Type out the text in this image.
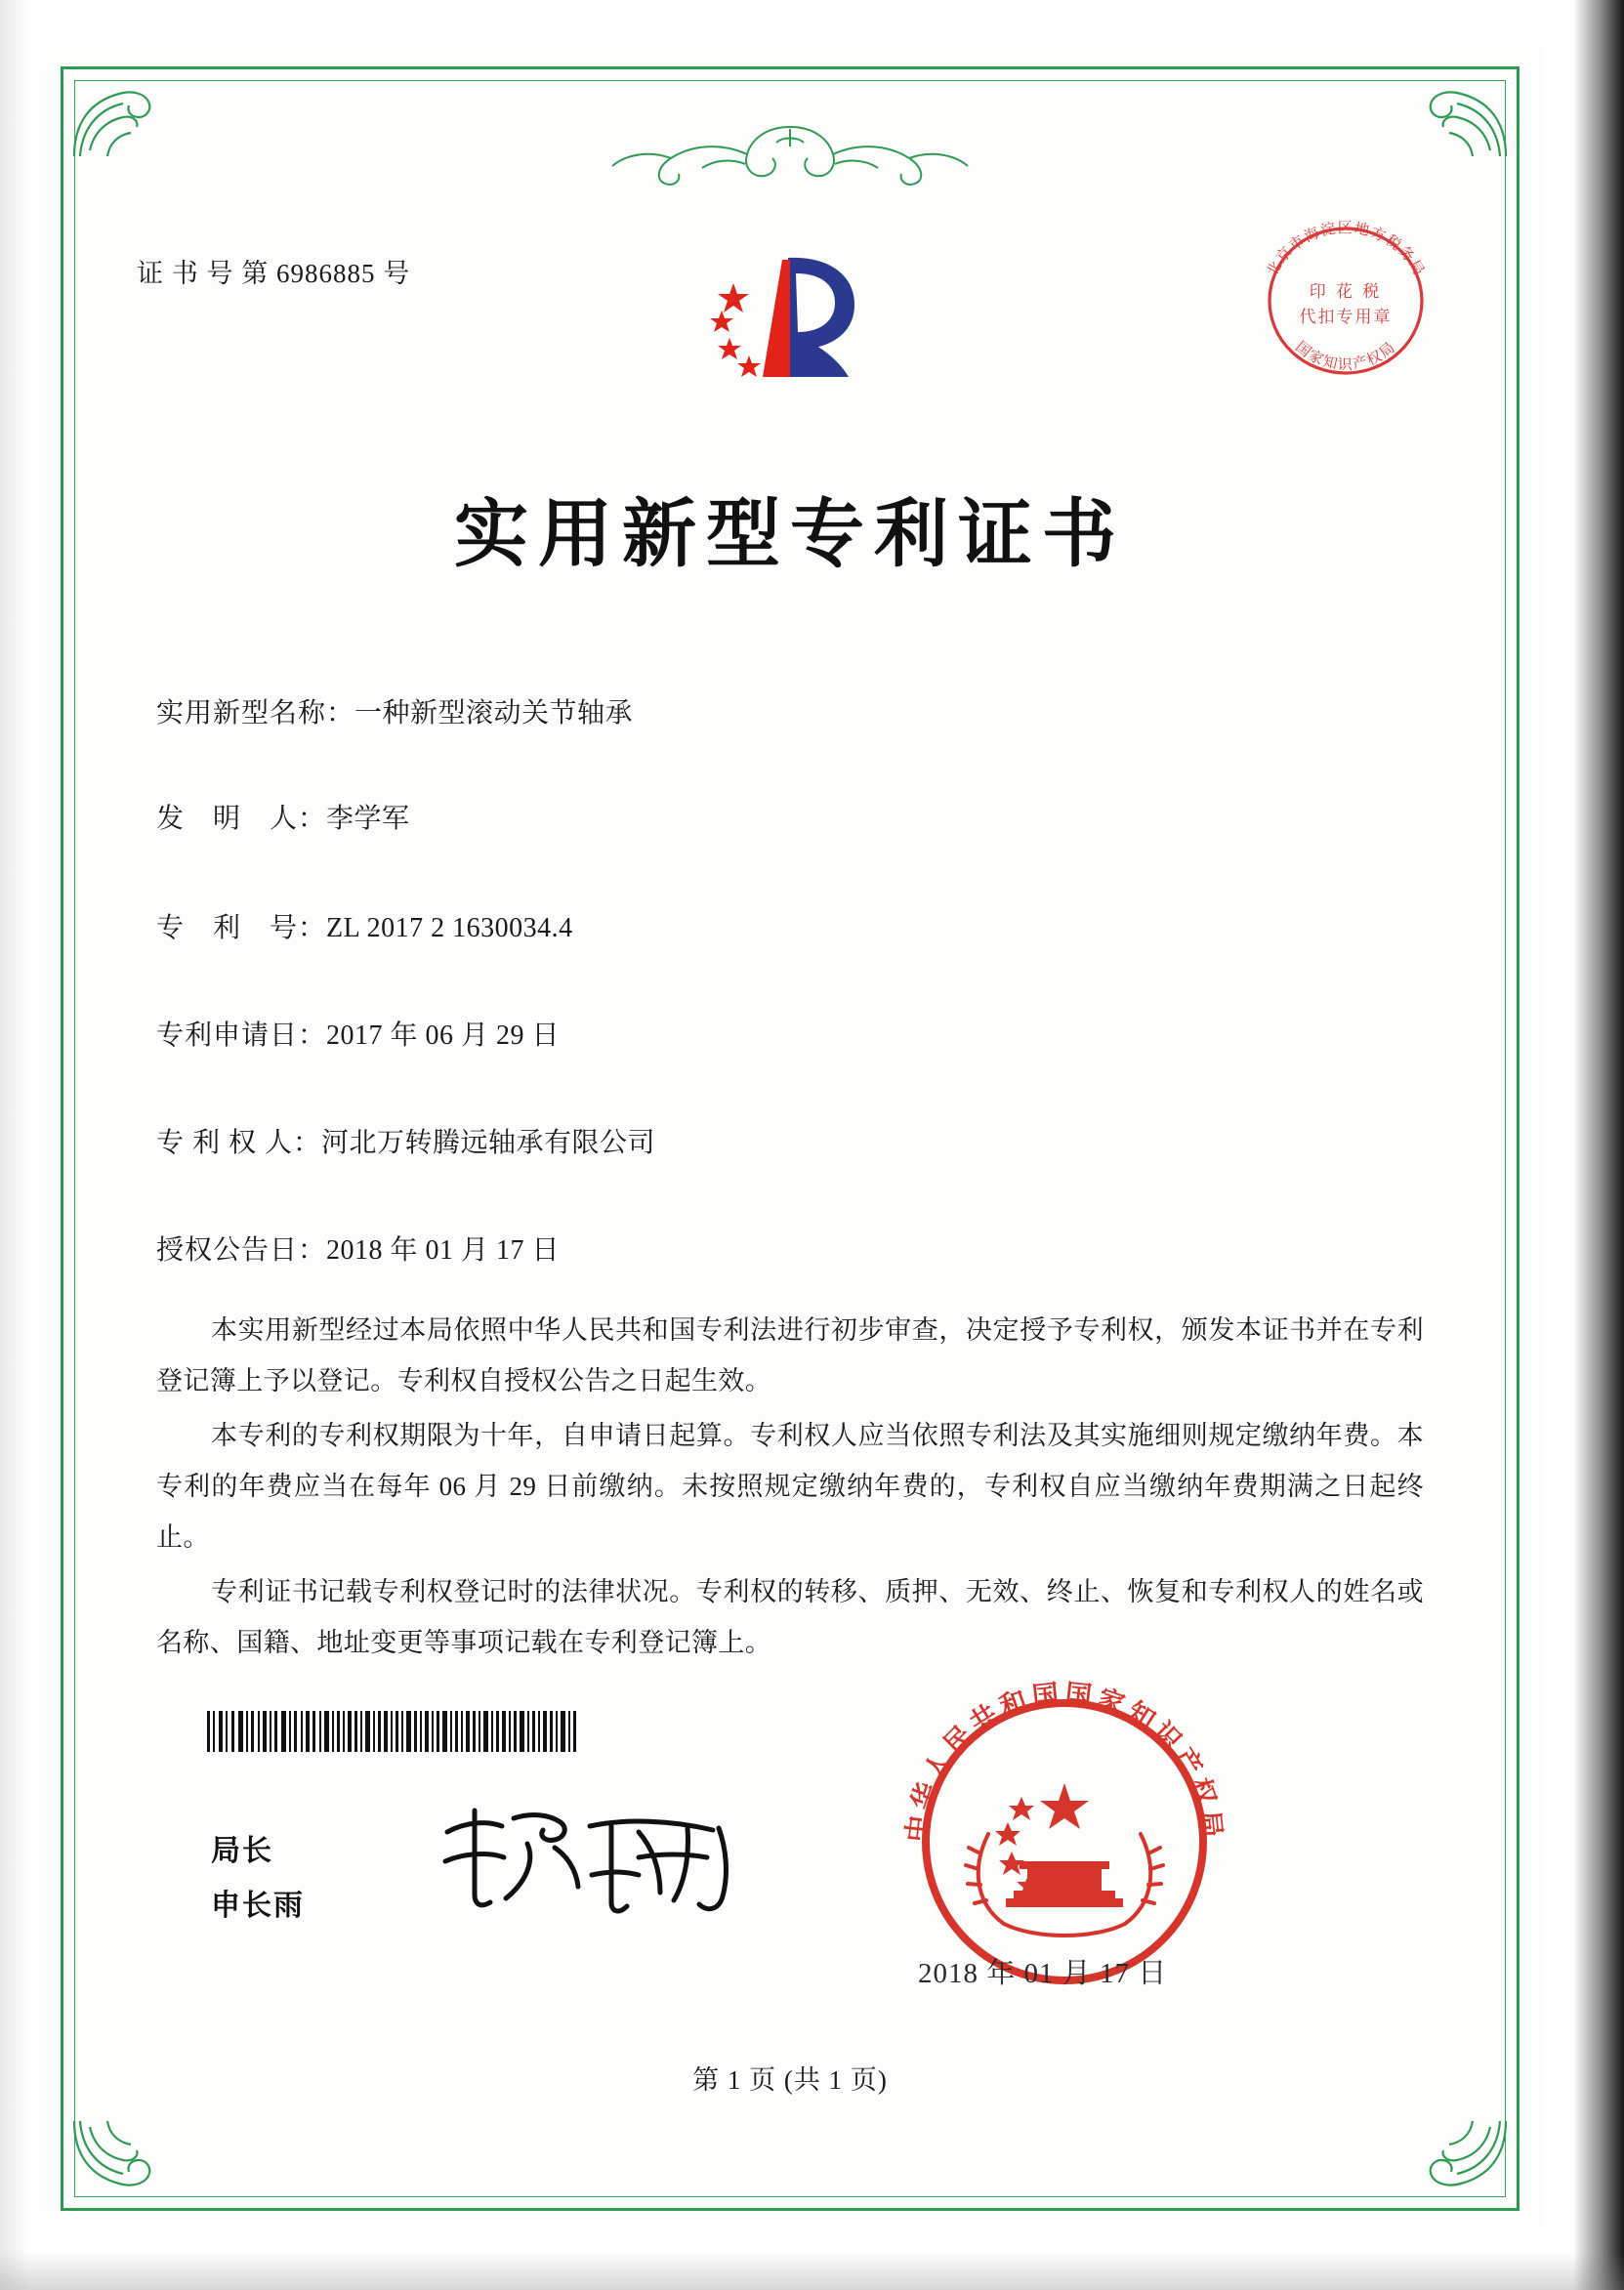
证 书 号 第 6986885 号	北京市海淀区地方税务局
国家知识产权局
印 花 税
代扣专用章
实用新型专利证书
实用新型名称：一种新型滚动关节轴承
发　明　人：李学军
专　利　号：ZL 2017 2 1630034.4
专利申请日：2017 年 06 月 29 日
专 利 权 人：河北万转腾远轴承有限公司
授权公告日：2018 年 01 月 17 日

本实用新型经过本局依照中华人民共和国专利法进行初步审查，决定授予专利权，颁发本证书并在专利登记簿上予以登记。专利权自授权公告之日起生效。

本专利的专利权期限为十年，自申请日起算。专利权人应当依照专利法及其实施细则规定缴纳年费。本专利的年费应当在每年 06 月 29 日前缴纳。未按照规定缴纳年费的，专利权自应当缴纳年费期满之日起终止。

专利证书记载专利权登记时的法律状况。专利权的转移、质押、无效、终止、恢复和专利权人的姓名或名称、国籍、地址变更等事项记载在专利登记簿上。

局长
申长雨
中华人民共和国国家知识产权局
2018 年 01 月 17 日
第 1 页 (共 1 页)
